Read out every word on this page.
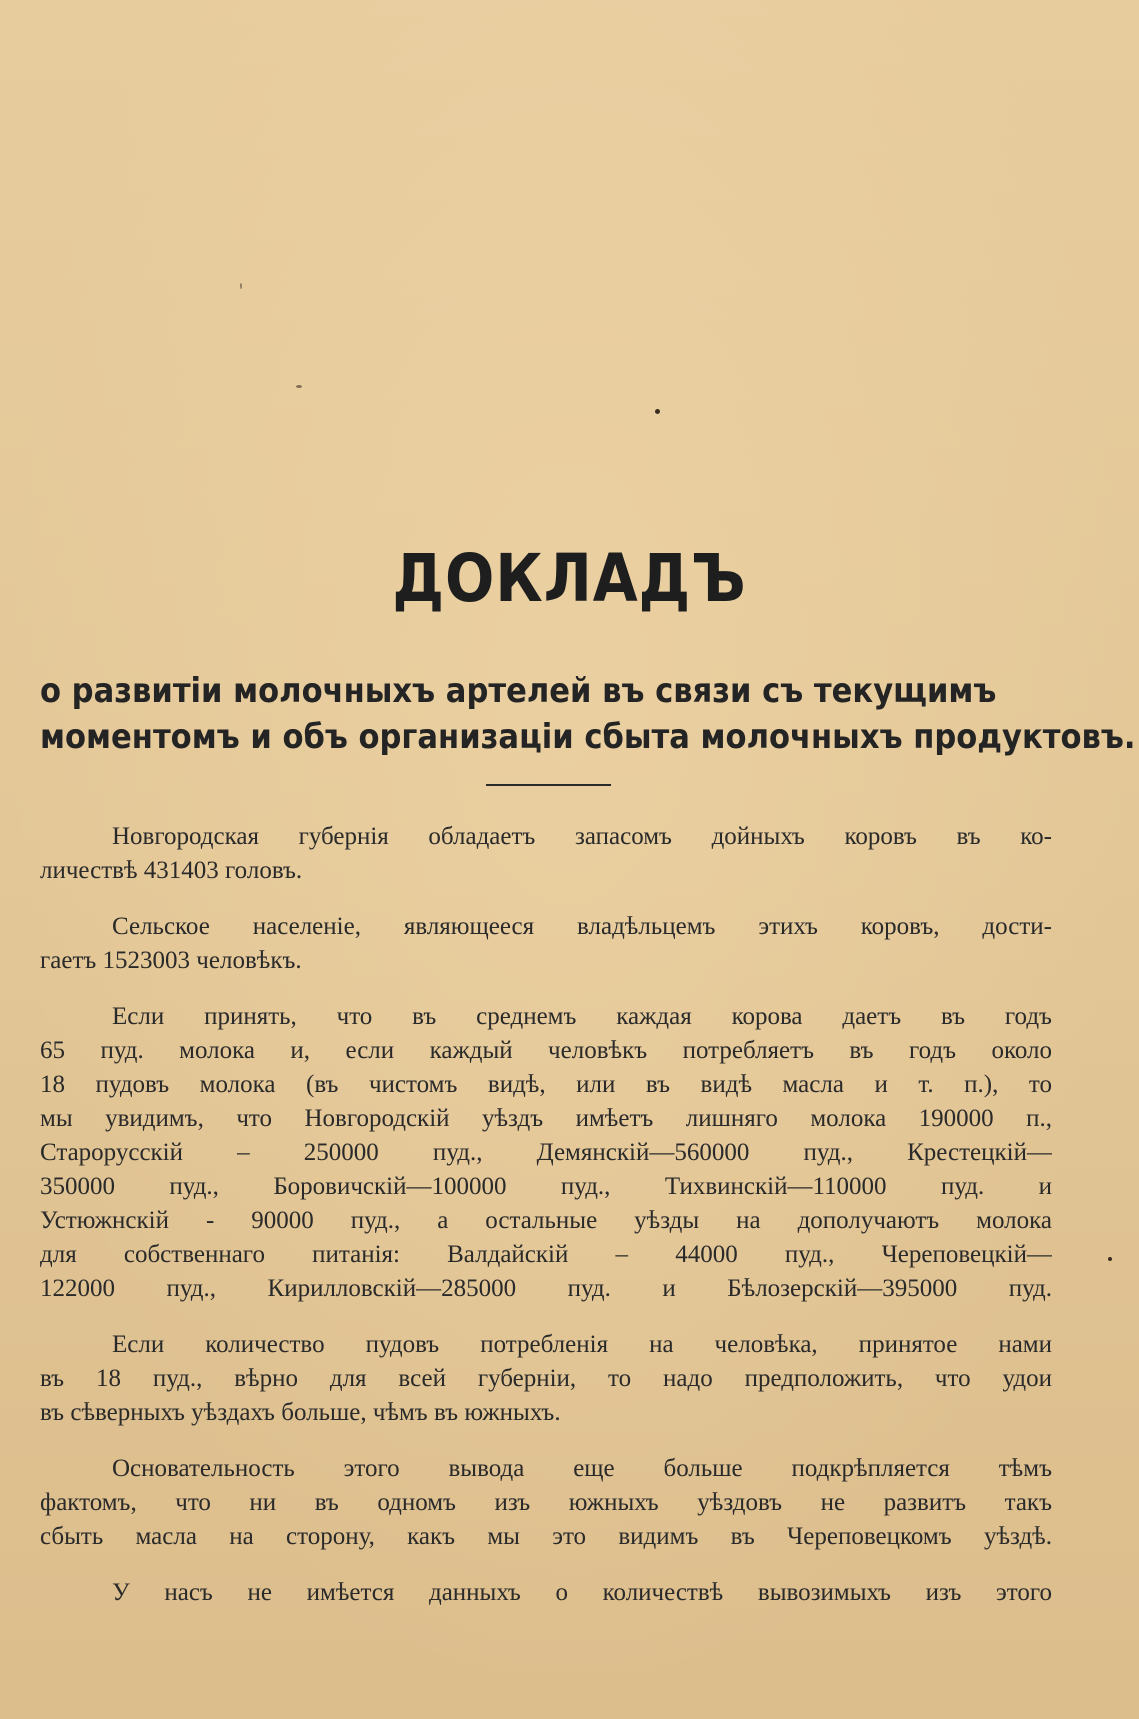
ДОКЛАДЪ
о развитiи молочныхъ артелей въ связи съ текущимъ
моментомъ и объ организацiи сбыта молочныхъ продуктовъ.
Новгородская губернiя обладаетъ запасомъ дойныхъ коровъ въ ко-
личествѣ 431403 головъ.
Сельское населенiе, являющееся владѣльцемъ этихъ коровъ, дости-
гаетъ 1523003 человѣкъ.
Если принять, что въ среднемъ каждая корова даетъ въ годъ
65 пуд. молока и, если каждый человѣкъ потребляетъ въ годъ около
18 пудовъ молока (въ чистомъ видѣ, или въ видѣ масла и т. п.), то
мы увидимъ, что Новгородскiй уѣздъ имѣетъ лишняго молока 190000 п.,
Старорусскiй – 250000 пуд., Демянскiй—560000 пуд., Крестецкiй—
350000 пуд., Боровичскiй—100000 пуд., Тихвинскiй—110000 пуд. и
Устюжнскiй - 90000 пуд., а остальные уѣзды на дополучаютъ молока
для собственнаго питанiя: Валдайскiй – 44000 пуд., Череповецкiй—
122000 пуд., Кирилловскiй—285000 пуд. и Бѣлозерскiй—395000 пуд.
Если количество пудовъ потребленiя на человѣка, принятое нами
въ 18 пуд., вѣрно для всей губернiи, то надо предположить, что удои
въ сѣверныхъ уѣздахъ больше, чѣмъ въ южныхъ.
Основательность этого вывода еще больше подкрѣпляется тѣмъ
фактомъ, что ни въ одномъ изъ южныхъ уѣздовъ не развитъ такъ
сбыть масла на сторону, какъ мы это видимъ въ Череповецкомъ уѣздѣ.
У насъ не имѣется данныхъ о количествѣ вывозимыхъ изъ этого
